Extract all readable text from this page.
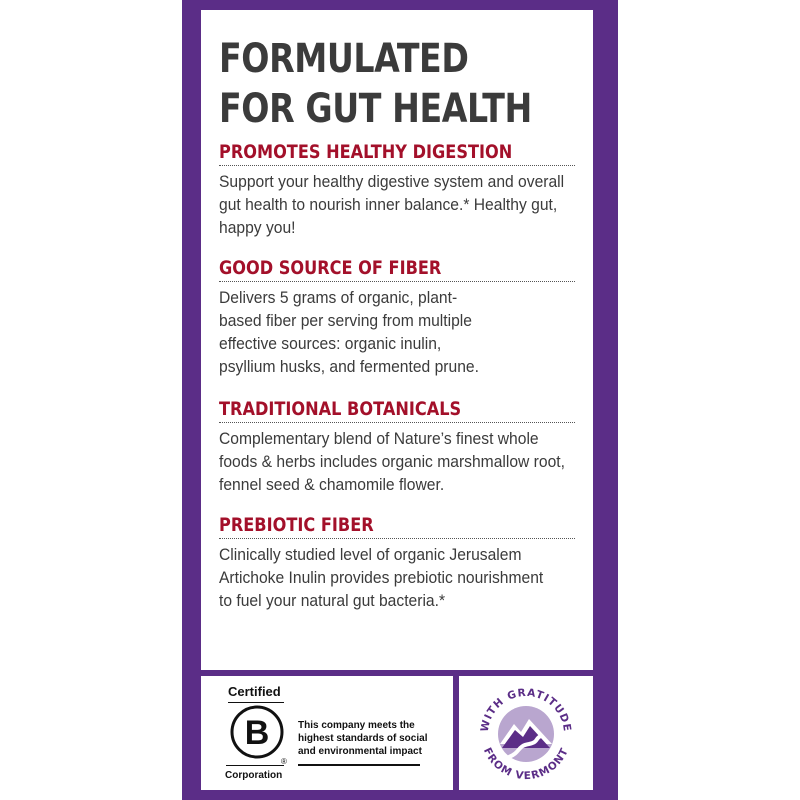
FORMULATED
FOR GUT HEALTH
PROMOTES HEALTHY DIGESTION

Support your healthy digestive system and overall gut health to nourish inner balance.* Healthy gut, happy you!

GOOD SOURCE OF FIBER

Delivers 5 grams of organic, plant-based fiber per serving from multiple effective sources: organic inulin, psyllium husks, and fermented prune.

TRADITIONAL BOTANICALS

Complementary blend of Nature’s finest whole foods & herbs includes organic marshmallow root, fennel seed & chamomile flower.

PREBIOTIC FIBER

Clinically studied level of organic Jerusalem Artichoke Inulin provides prebiotic nourishment to fuel your natural gut bacteria.*

Certified
B
®
Corporation
This company meets the highest standards of social and environmental impact
WITH GRATITUDE
FROM VERMONT
